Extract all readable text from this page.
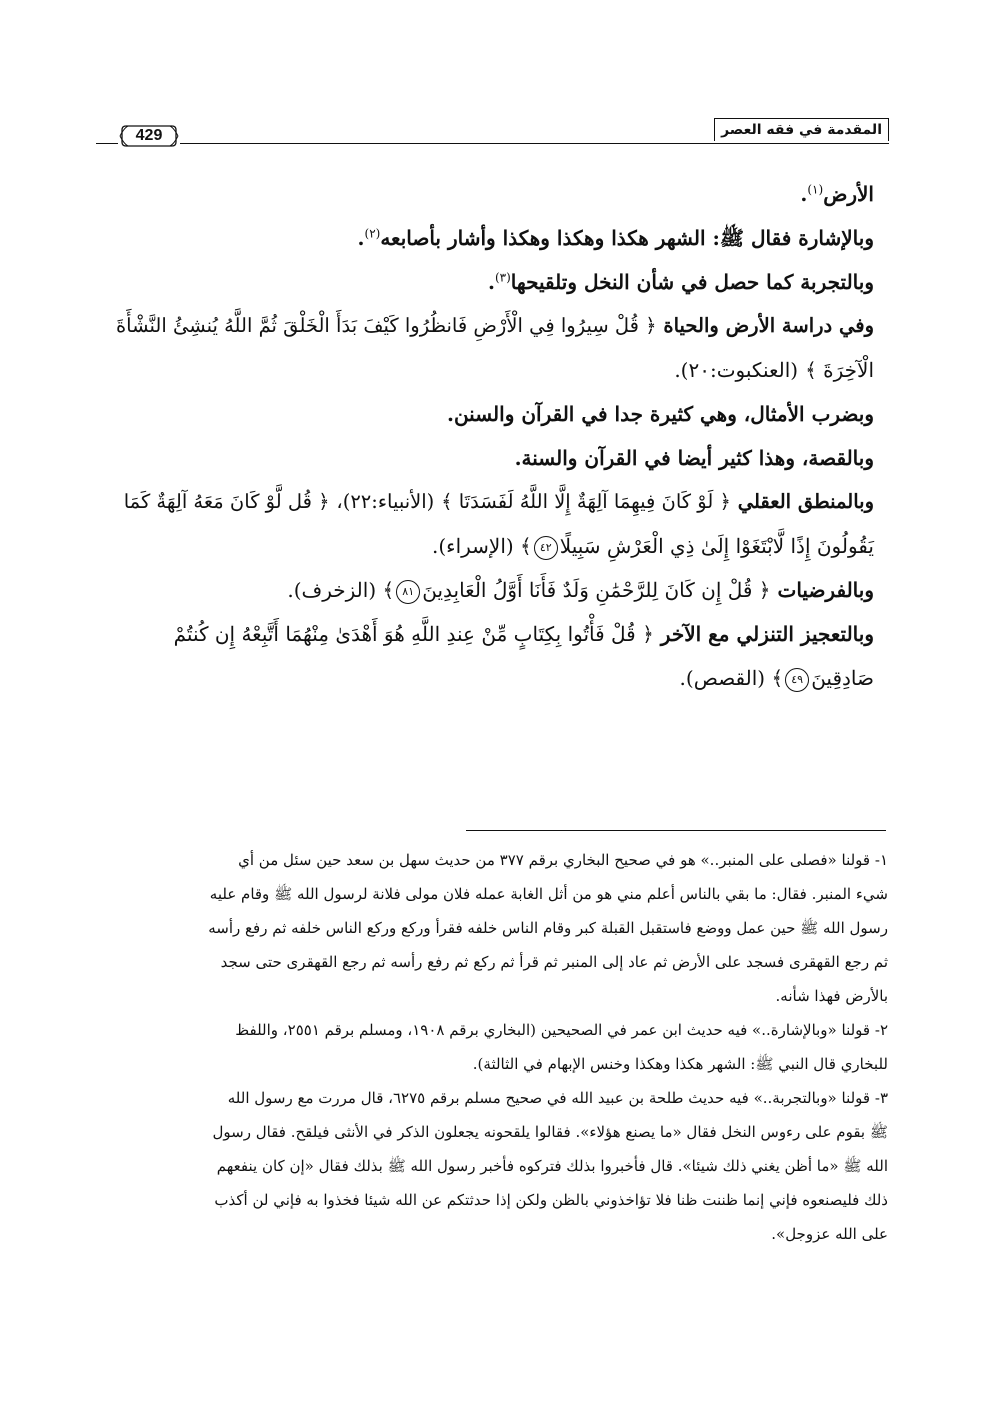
المقدمة في فقه العصر
429

الأرض$^{(١)}$.

وبالإشارة فقال ﷺ: الشهر هكذا وهكذا وهكذا وأشار بأصابعه$^{(٢)}$.

وبالتجربة كما حصل في شأن النخل وتلقيحها$^{(٣)}$.

وفي دراسة الأرض والحياة ﴿ قُلْ سِيرُوا فِي الْأَرْضِ فَانظُرُوا كَيْفَ بَدَأَ الْخَلْقَ ثُمَّ اللَّهُ يُنشِئُ النَّشْأَةَ

الْآخِرَةَ ﴾ (العنكبوت:٢٠).

وبضرب الأمثال، وهي كثيرة جدا في القرآن والسنن.

وبالقصة، وهذا كثير أيضا في القرآن والسنة.

وبالمنطق العقلي ﴿ لَوْ كَانَ فِيهِمَا آلِهَةٌ إِلَّا اللَّهُ لَفَسَدَتَا ﴾ (الأنبياء:٢٢)، ﴿ قُل لَّوْ كَانَ مَعَهُ آلِهَةٌ كَمَا

يَقُولُونَ إِذًا لَّابْتَغَوْا إِلَىٰ ذِي الْعَرْشِ سَبِيلًا٤٢﴾ (الإسراء).

وبالفرضيات ﴿ قُلْ إِن كَانَ لِلرَّحْمَٰنِ وَلَدٌ فَأَنَا أَوَّلُ الْعَابِدِينَ٨١﴾ (الزخرف).

وبالتعجيز التنزلي مع الآخر ﴿ قُلْ فَأْتُوا بِكِتَابٍ مِّنْ عِندِ اللَّهِ هُوَ أَهْدَىٰ مِنْهُمَا أَتَّبِعْهُ إِن كُنتُمْ

صَادِقِينَ٤٩﴾ (القصص).

١- قولنا «فصلى على المنبر..» هو في صحيح البخاري برقم ٣٧٧ من حديث سهل بن سعد حين سئل من أي

شيء المنبر. فقال: ما بقي بالناس أعلم مني هو من أثل الغابة عمله فلان مولى فلانة لرسول الله ﷺ وقام عليه

رسول الله ﷺ حين عمل ووضع فاستقبل القبلة كبر وقام الناس خلفه فقرأ وركع وركع الناس خلفه ثم رفع رأسه

ثم رجع القهقرى فسجد على الأرض ثم عاد إلى المنبر ثم قرأ ثم ركع ثم رفع رأسه ثم رجع القهقرى حتى سجد

بالأرض فهذا شأنه.

٢- قولنا «وبالإشارة..» فيه حديث ابن عمر في الصحيحين (البخاري برقم ١٩٠٨، ومسلم برقم ٢٥٥١، واللفظ

للبخاري قال النبي ﷺ: الشهر هكذا وهكذا وخنس الإبهام في الثالثة).

٣- قولنا «وبالتجربة..» فيه حديث طلحة بن عبيد الله في صحيح مسلم برقم ٦٢٧٥، قال مررت مع رسول الله

ﷺ بقوم على رءوس النخل فقال «ما يصنع هؤلاء». فقالوا يلقحونه يجعلون الذكر في الأنثى فيلقح. فقال رسول

الله ﷺ «ما أظن يغني ذلك شيئا». قال فأخبروا بذلك فتركوه فأخبر رسول الله ﷺ بذلك فقال «إن كان ينفعهم

ذلك فليصنعوه فإني إنما ظننت ظنا فلا تؤاخذوني بالظن ولكن إذا حدثتكم عن الله شيئا فخذوا به فإني لن أكذب

على الله عزوجل».
